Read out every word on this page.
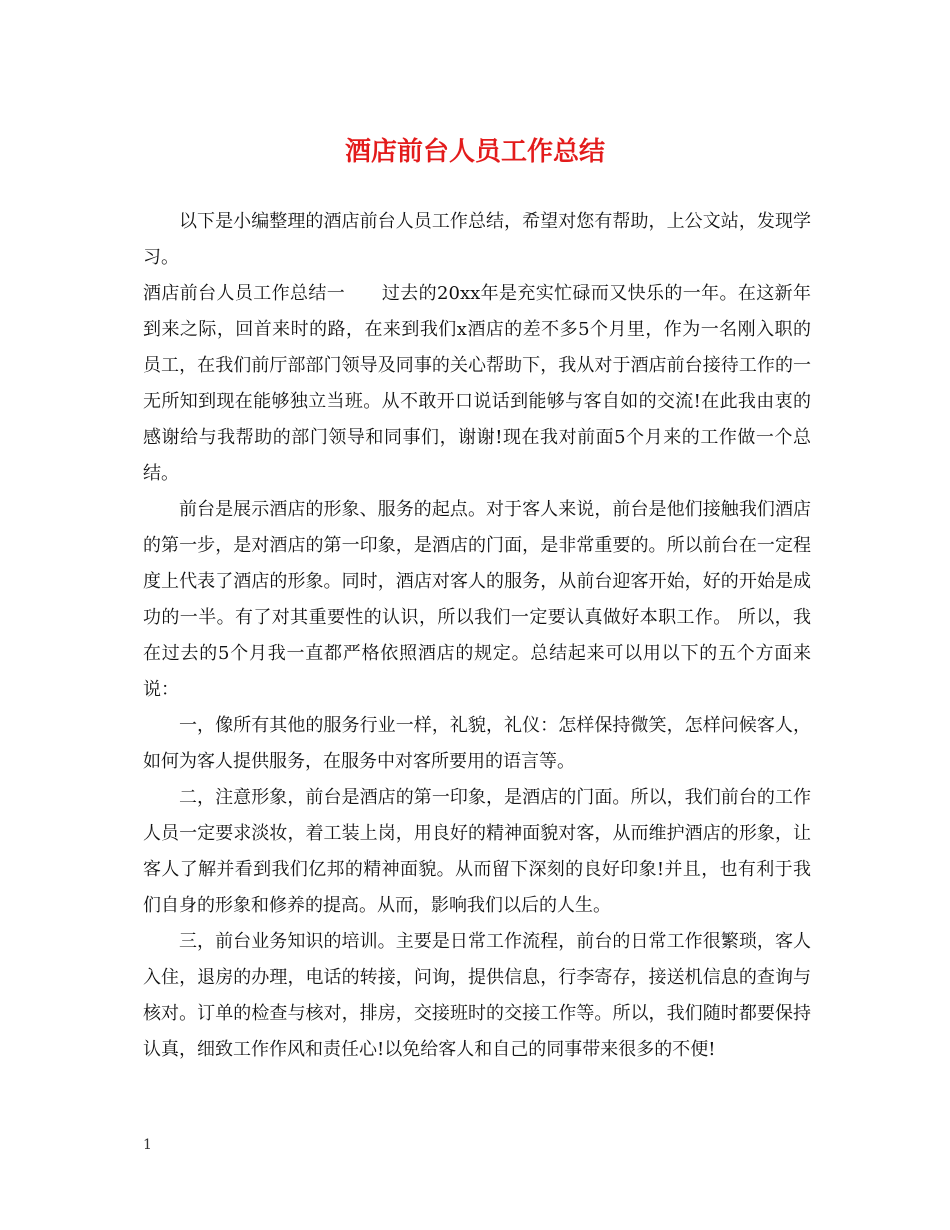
酒店前台人员工作总结

以下是小编整理的酒店前台人员工作总结，希望对您有帮助，上公文站，发现学习。

酒店前台人员工作总结一　　 过去的20xx年是充实忙碌而又快乐的一年。在这新年到来之际，回首来时的路，在来到我们x酒店的差不多5个月里，作为一名刚入职的员工，在我们前厅部部门领导及同事的关心帮助下，我从对于酒店前台接待工作的一无所知到现在能够独立当班。从不敢开口说话到能够与客自如的交流!在此我由衷的感谢给与我帮助的部门领导和同事们，谢谢!现在我对前面5个月来的工作做一个总结。

前台是展示酒店的形象、服务的起点。对于客人来说，前台是他们接触我们酒店的第一步，是对酒店的第一印象，是酒店的门面，是非常重要的。所以前台在一定程度上代表了酒店的形象。同时，酒店对客人的服务，从前台迎客开始，好的开始是成功的一半。有了对其重要性的认识，所以我们一定要认真做好本职工作。 所以，我在过去的5个月我一直都严格依照酒店的规定。总结起来可以用以下的五个方面来说：

一，像所有其他的服务行业一样，礼貌，礼仪：怎样保持微笑，怎样问候客人，如何为客人提供服务，在服务中对客所要用的语言等。

二，注意形象，前台是酒店的第一印象，是酒店的门面。所以，我们前台的工作人员一定要求淡妆，着工装上岗，用良好的精神面貌对客，从而维护酒店的形象，让客人了解并看到我们亿邦的精神面貌。从而留下深刻的良好印象!并且，也有利于我们自身的形象和修养的提高。从而，影响我们以后的人生。

三，前台业务知识的培训。主要是日常工作流程，前台的日常工作很繁琐，客人入住，退房的办理，电话的转接，问询，提供信息，行李寄存，接送机信息的查询与核对。订单的检查与核对，排房，交接班时的交接工作等。所以，我们随时都要保持认真，细致工作作风和责任心!以免给客人和自己的同事带来很多的不便!

1
